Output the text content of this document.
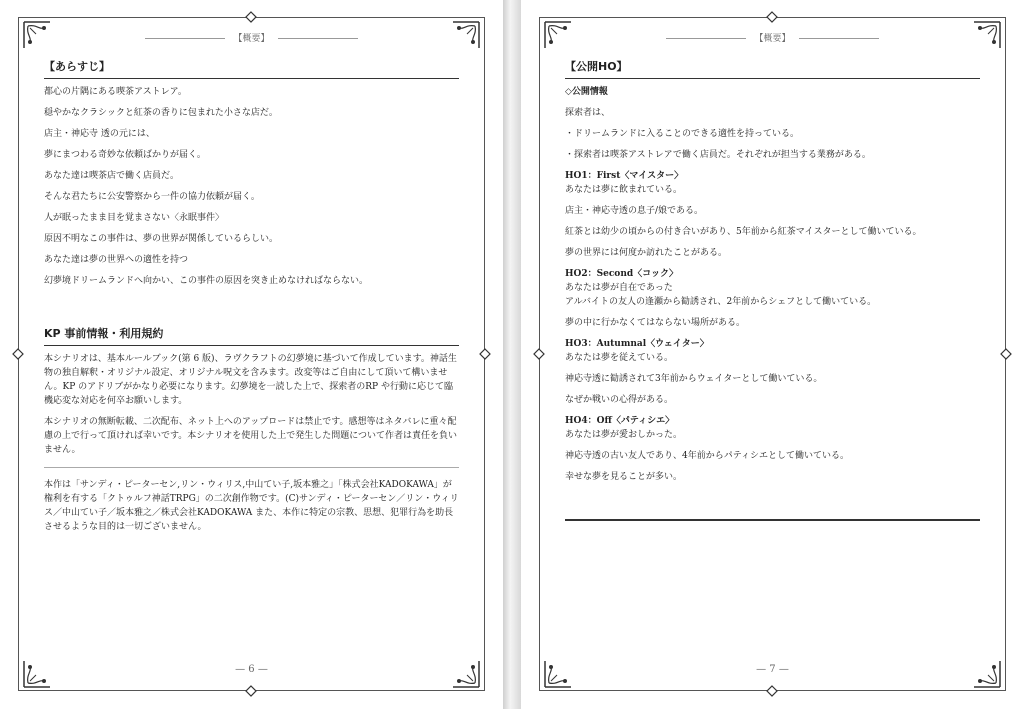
【概要】
【あらすじ】

都心の片隅にある喫茶アストレア。

穏やかなクラシックと紅茶の香りに包まれた小さな店だ。

店主・神応寺 透の元には、

夢にまつわる奇妙な依頼ばかりが届く。

あなた達は喫茶店で働く店員だ。

そんな君たちに公安警察から一件の協力依頼が届く。

人が眠ったまま目を覚まさない〈永眠事件〉

原因不明なこの事件は、夢の世界が関係しているらしい。

あなた達は夢の世界への適性を持つ

幻夢境ドリームランドへ向かい、この事件の原因を突き止めなければならない。

KP 事前情報・利用規約

本シナリオは、基本ルールブック(第 6 版)、ラヴクラフトの幻夢境に基づいて作成しています。神話生物の独自解釈・オリジナル設定、オリジナル呪文を含みます。改変等はご自由にして頂いて構いません。KP のアドリブがかなり必要になります。幻夢境を一読した上で、探索者のRP や行動に応じて臨機応変な対応を何卒お願いします。

本シナリオの無断転載、二次配布、ネット上へのアップロードは禁止です。感想等はネタバレに重々配慮の上で行って頂ければ幸いです。本シナリオを使用した上で発生した問題について作者は責任を負いません。

本作は「サンディ・ピーターセン,リン・ウィリス,中山てい子,坂本雅之」「株式会社KADOKAWA」が権利を有する「クトゥルフ神話TRPG」の二次創作物です。(C)サンディ・ピーターセン／リン・ウィリス／中山てい子／坂本雅之／株式会社KADOKAWA また、本作に特定の宗教、思想、犯罪行為を助長させるような目的は一切ございません。

— 6 —
【概要】
【公開HO】

◇公開情報

探索者は、

・ドリームランドに入ることのできる適性を持っている。

・探索者は喫茶アストレアで働く店員だ。それぞれが担当する業務がある。

HO1：First〈マイスター〉

あなたは夢に飲まれている。

店主・神応寺透の息子/娘である。

紅茶とは幼少の頃からの付き合いがあり、5年前から紅茶マイスターとして働いている。

夢の世界には何度か訪れたことがある。

HO2：Second〈コック〉

あなたは夢が自在であった

アルバイトの友人の逢瀬から勧誘され、2年前からシェフとして働いている。

夢の中に行かなくてはならない場所がある。

HO3：Autumnal〈ウェイター〉

あなたは夢を従えている。

神応寺透に勧誘されて3年前からウェイターとして働いている。

なぜか戦いの心得がある。

HO4：Off〈パティシエ〉

あなたは夢が愛おしかった。

神応寺透の古い友人であり、4年前からパティシエとして働いている。

幸せな夢を見ることが多い。

— 7 —
